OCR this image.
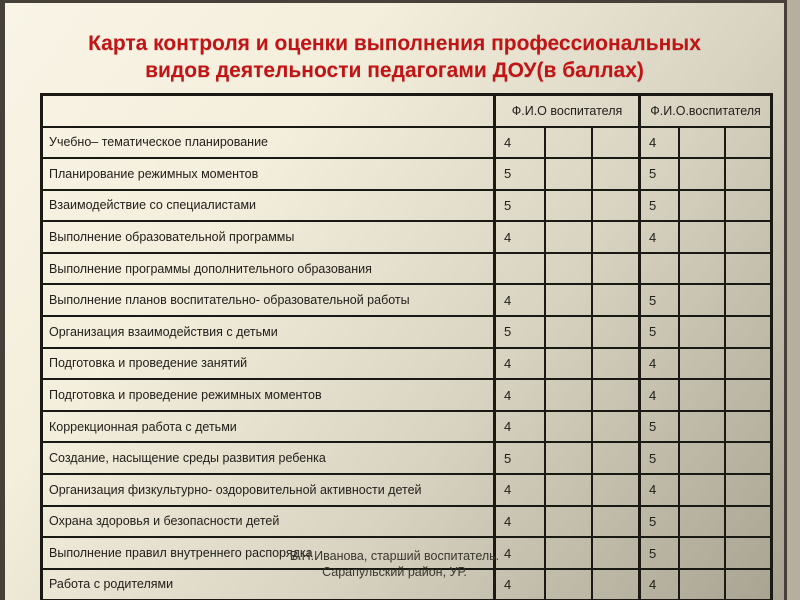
Карта контроля и оценки выполнения профессиональных
видов деятельности педагогами ДОУ(в баллах)
	Ф.И.О воспитателя			Ф.И.О.воспитателя		
Учебно– тематическое планирование	4			4		
Планирование режимных моментов	5			5		
Взаимодействие со специалистами	5			5		
Выполнение образовательной программы	4			4		
Выполнение программы дополнительного образования						
Выполнение планов воспитательно- образовательной работы	4			5		
Организация взаимодействия с детьми	5			5		
Подготовка и проведение занятий	4			4		
Подготовка и проведение режимных моментов	4			4		
Коррекционная работа с детьми	4			5		
Создание, насыщение среды развития ребенка	5			5		
Организация физкультурно- оздоровительной активности детей	4			4		
Охрана здоровья и безопасности детей	4			5		
Выполнение правил внутреннего распорядка	4			5		
Работа с родителями	4			4		
В.Н.Иванова, старший воспитатель.
Сарапульский район, УР.
